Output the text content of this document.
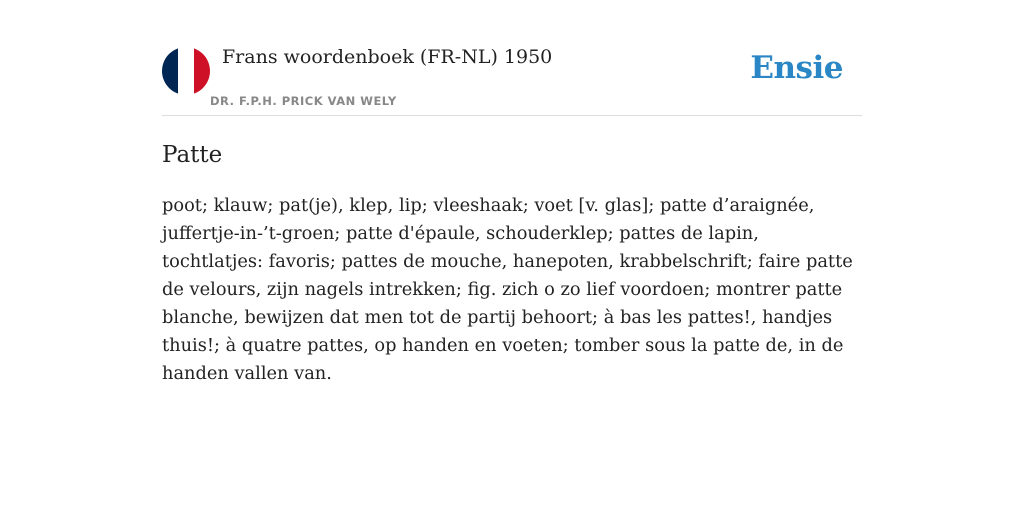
Frans woordenboek (FR-NL) 1950
DR. F.P.H. PRICK VAN WELY
Ensie
Patte

poot; klauw; pat(je), klep, lip; vleeshaak; voet [v. glas]; patte d’araignée, juffertje-in-’t-groen; patte d'épaule, schouderklep; pattes de lapin, tochtlatjes: favoris; pattes de mouche, hanepoten, krabbelschrift; faire patte de velours, zijn nagels intrekken; fig. zich o zo lief voordoen; montrer patte blanche, bewijzen dat men tot de partij behoort; à bas les pattes!, handjes thuis!; à quatre pattes, op handen en voeten; tomber sous la patte de, in de handen vallen van.
